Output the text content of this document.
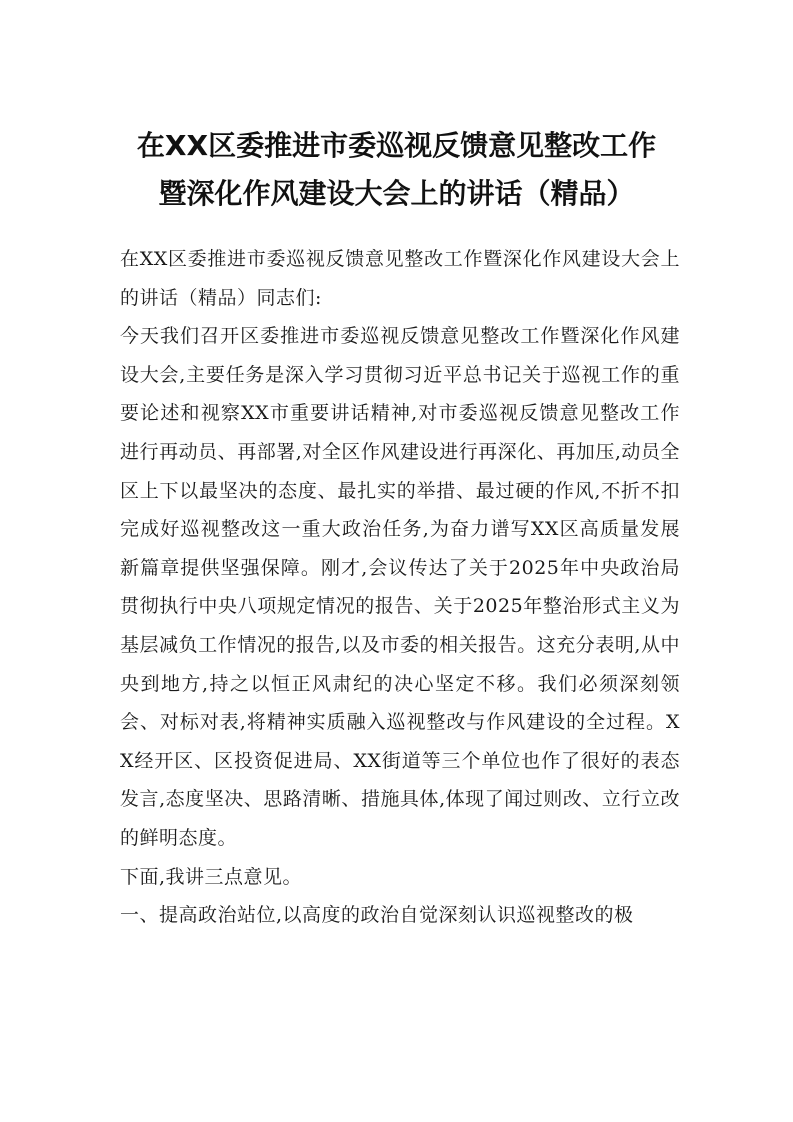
在XX区委推进市委巡视反馈意见整改工作
暨深化作风建设大会上的讲话（精品）

在XX区委推进市委巡视反馈意见整改工作暨深化作风建设大会上的讲话（精品）同志们:

今天我们召开区委推进市委巡视反馈意见整改工作暨深化作风建设大会,主要任务是深入学习贯彻习近平总书记关于巡视工作的重要论述和视察XX市重要讲话精神,对市委巡视反馈意见整改工作进行再动员、再部署,对全区作风建设进行再深化、再加压,动员全区上下以最坚决的态度、最扎实的举措、最过硬的作风,不折不扣完成好巡视整改这一重大政治任务,为奋力谱写XX区高质量发展新篇章提供坚强保障。刚才,会议传达了关于2025年中央政治局贯彻执行中央八项规定情况的报告、关于2025年整治形式主义为基层减负工作情况的报告,以及市委的相关报告。这充分表明,从中央到地方,持之以恒正风肃纪的决心坚定不移。我们必须深刻领会、对标对表,将精神实质融入巡视整改与作风建设的全过程。XX经开区、区投资促进局、XX街道等三个单位也作了很好的表态发言,态度坚决、思路清晰、措施具体,体现了闻过则改、立行立改的鲜明态度。

下面,我讲三点意见。

一、提高政治站位,以高度的政治自觉深刻认识巡视整改的极
